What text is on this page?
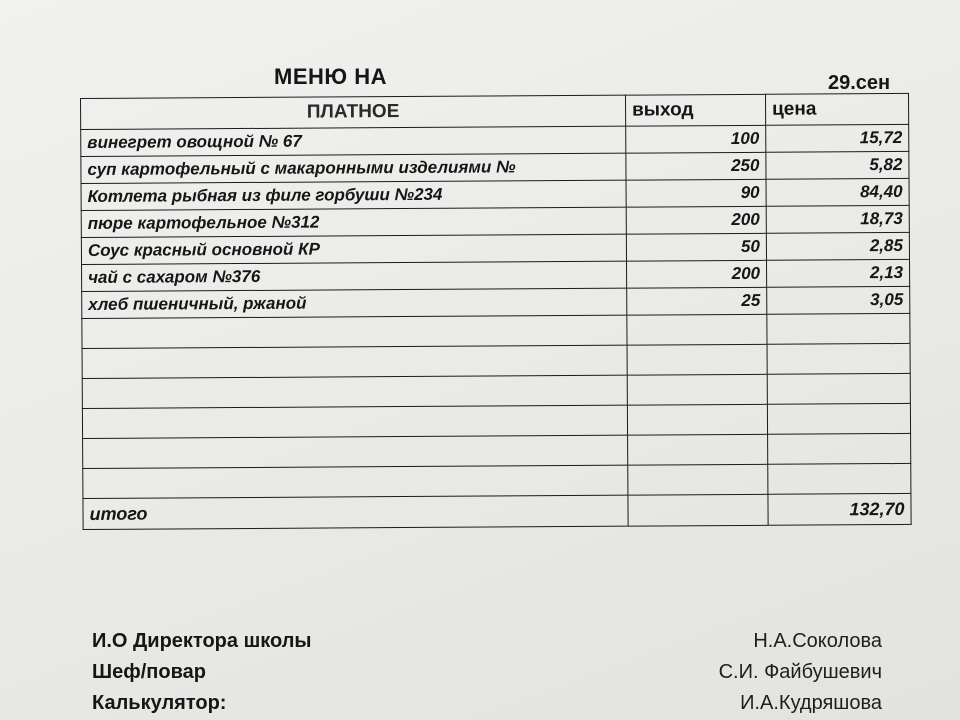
МЕНЮ НА	29.сен
ПЛАТНОЕ	выход	цена
винегрет овощной № 67	100	15,72
суп картофельный с макаронными изделиями №	250	5,82
Котлета рыбная из филе горбуши №234	90	84,40
пюре картофельное №312	200	18,73
Соус красный основной КР	50	2,85
чай с сахаром №376	200	2,13
хлеб пшеничный, ржаной	25	3,05

итого		132,70
И.О Директора школы	Н.А.Соколова
Шеф/повар	С.И. Файбушевич
Калькулятор:	И.А.Кудряшова
